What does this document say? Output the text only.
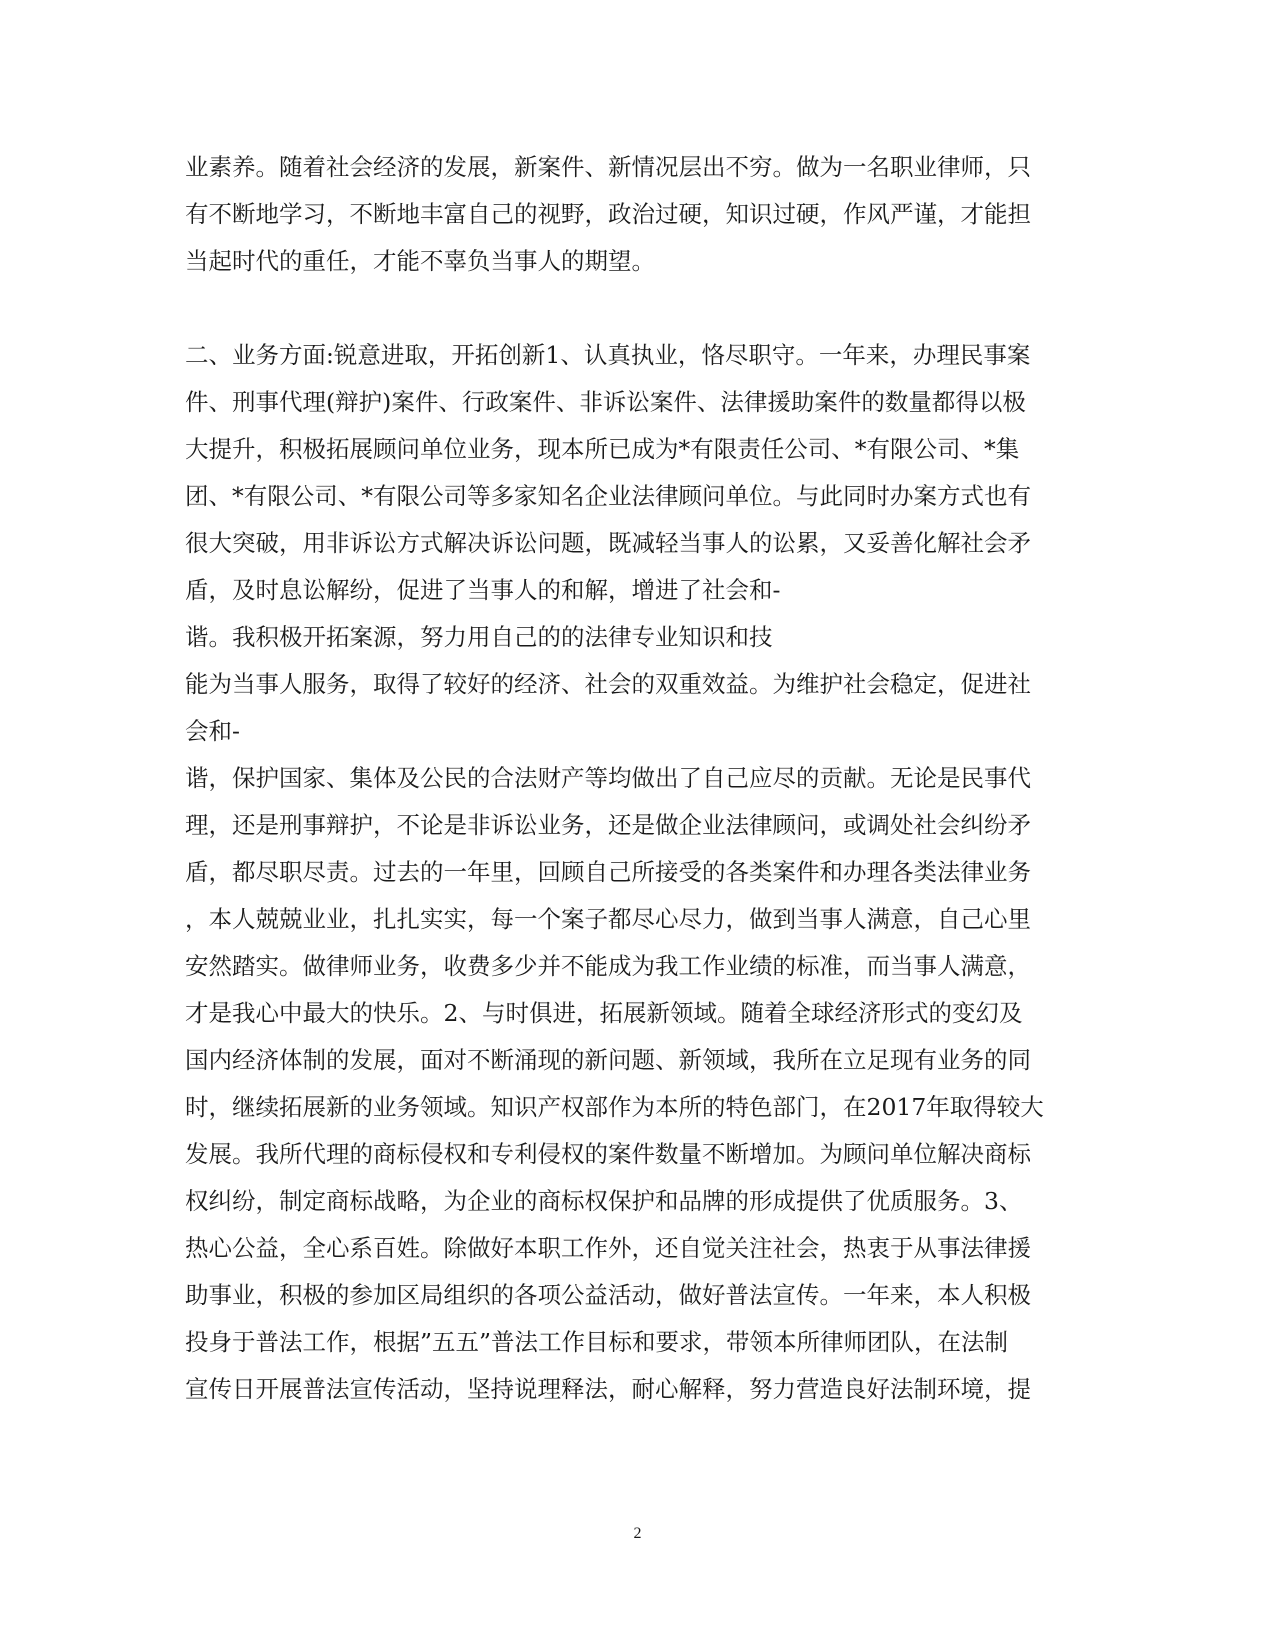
业素养。随着社会经济的发展，新案件、新情况层出不穷。做为一名职业律师，只
有不断地学习，不断地丰富自己的视野，政治过硬，知识过硬，作风严谨，才能担
当起时代的重任，才能不辜负当事人的期望。
二、业务方面:锐意进取，开拓创新1、认真执业，恪尽职守。一年来，办理民事案
件、刑事代理(辩护)案件、行政案件、非诉讼案件、法律援助案件的数量都得以极
大提升，积极拓展顾问单位业务，现本所已成为*有限责任公司、*有限公司、*集
团、*有限公司、*有限公司等多家知名企业法律顾问单位。与此同时办案方式也有
很大突破，用非诉讼方式解决诉讼问题，既减轻当事人的讼累，又妥善化解社会矛
盾，及时息讼解纷，促进了当事人的和解，增进了社会和-
谐。我积极开拓案源，努力用自己的的法律专业知识和技
能为当事人服务，取得了较好的经济、社会的双重效益。为维护社会稳定，促进社
会和-
谐，保护国家、集体及公民的合法财产等均做出了自己应尽的贡献。无论是民事代
理，还是刑事辩护，不论是非诉讼业务，还是做企业法律顾问，或调处社会纠纷矛
盾，都尽职尽责。过去的一年里，回顾自己所接受的各类案件和办理各类法律业务
，本人兢兢业业，扎扎实实，每一个案子都尽心尽力，做到当事人满意，自己心里
安然踏实。做律师业务，收费多少并不能成为我工作业绩的标准，而当事人满意，
才是我心中最大的快乐。2、与时俱进，拓展新领域。随着全球经济形式的变幻及
国内经济体制的发展，面对不断涌现的新问题、新领域，我所在立足现有业务的同
时，继续拓展新的业务领域。知识产权部作为本所的特色部门，在2017年取得较大
发展。我所代理的商标侵权和专利侵权的案件数量不断增加。为顾问单位解决商标
权纠纷，制定商标战略，为企业的商标权保护和品牌的形成提供了优质服务。3、
热心公益，全心系百姓。除做好本职工作外，还自觉关注社会，热衷于从事法律援
助事业，积极的参加区局组织的各项公益活动，做好普法宣传。一年来，本人积极
投身于普法工作，根据”五五”普法工作目标和要求，带领本所律师团队，在法制
宣传日开展普法宣传活动，坚持说理释法，耐心解释，努力营造良好法制环境，提
2
